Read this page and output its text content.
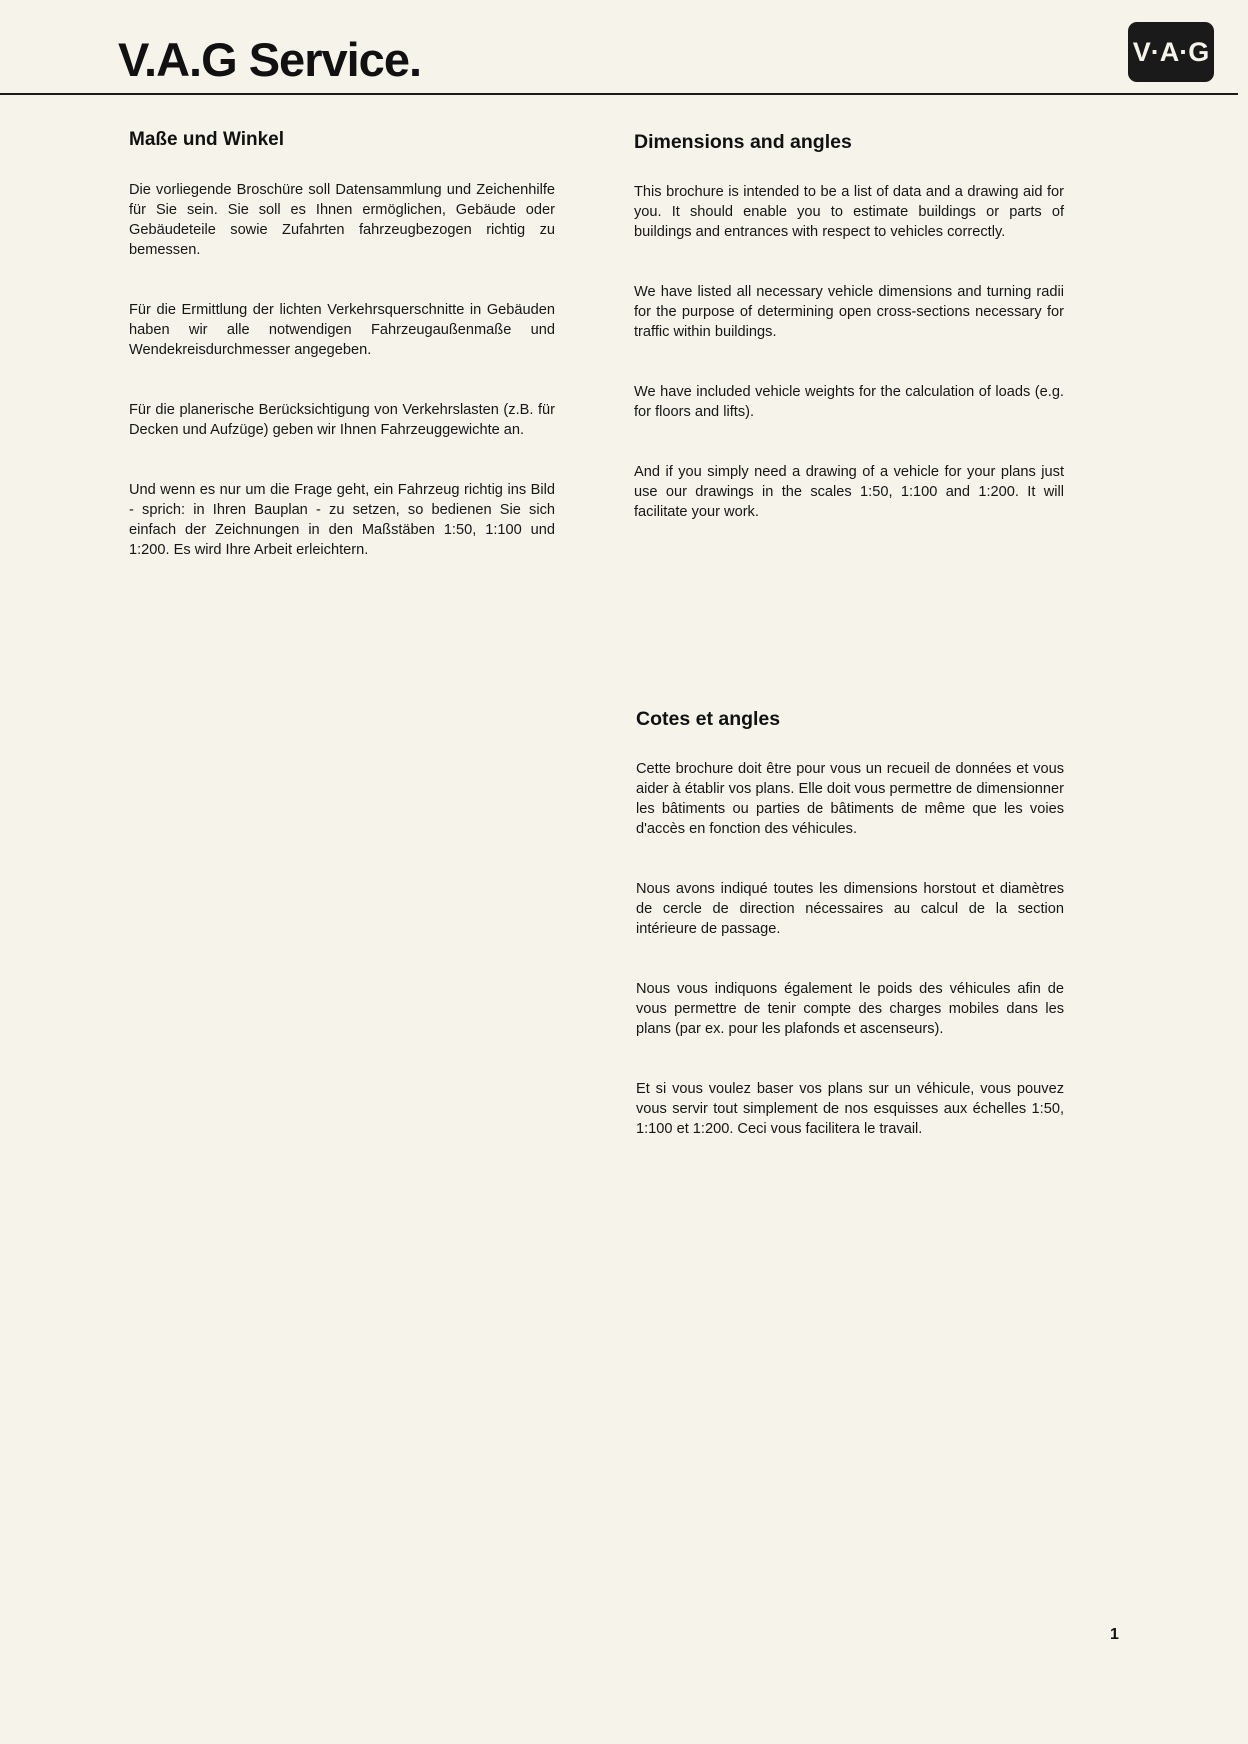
V.A.G Service.	V·A·G
Maße und Winkel

Die vorliegende Broschüre soll Datensammlung und Zeichenhilfe für Sie sein. Sie soll es Ihnen ermöglichen, Gebäude oder Gebäudeteile sowie Zufahrten fahrzeugbezogen richtig zu bemessen.

Für die Ermittlung der lichten Verkehrsquerschnitte in Gebäuden haben wir alle notwendigen Fahrzeugaußenmaße und Wendekreisdurchmesser angegeben.

Für die planerische Berücksichtigung von Verkehrslasten (z.B. für Decken und Aufzüge) geben wir Ihnen Fahrzeuggewichte an.

Und wenn es nur um die Frage geht, ein Fahrzeug richtig ins Bild - sprich: in Ihren Bauplan - zu setzen, so bedienen Sie sich einfach der Zeichnungen in den Maßstäben 1:50, 1:100 und 1:200. Es wird Ihre Arbeit erleichtern.

Dimensions and angles

This brochure is intended to be a list of data and a drawing aid for you. It should enable you to estimate buildings or parts of buildings and entrances with respect to vehicles correctly.

We have listed all necessary vehicle dimensions and turning radii for the purpose of determining open cross-sections necessary for traffic within buildings.

We have included vehicle weights for the calculation of loads (e.g. for floors and lifts).

And if you simply need a drawing of a vehicle for your plans just use our drawings in the scales 1:50, 1:100 and 1:200. It will facilitate your work.

Cotes et angles

Cette brochure doit être pour vous un recueil de données et vous aider à établir vos plans. Elle doit vous permettre de dimensionner les bâtiments ou parties de bâtiments de même que les voies d'accès en fonction des véhicules.

Nous avons indiqué toutes les dimensions horstout et diamètres de cercle de direction nécessaires au calcul de la section intérieure de passage.

Nous vous indiquons également le poids des véhicules afin de vous permettre de tenir compte des charges mobiles dans les plans (par ex. pour les plafonds et ascenseurs).

Et si vous voulez baser vos plans sur un véhicule, vous pouvez vous servir tout simplement de nos esquisses aux échelles 1:50, 1:100 et 1:200. Ceci vous facilitera le travail.

1
